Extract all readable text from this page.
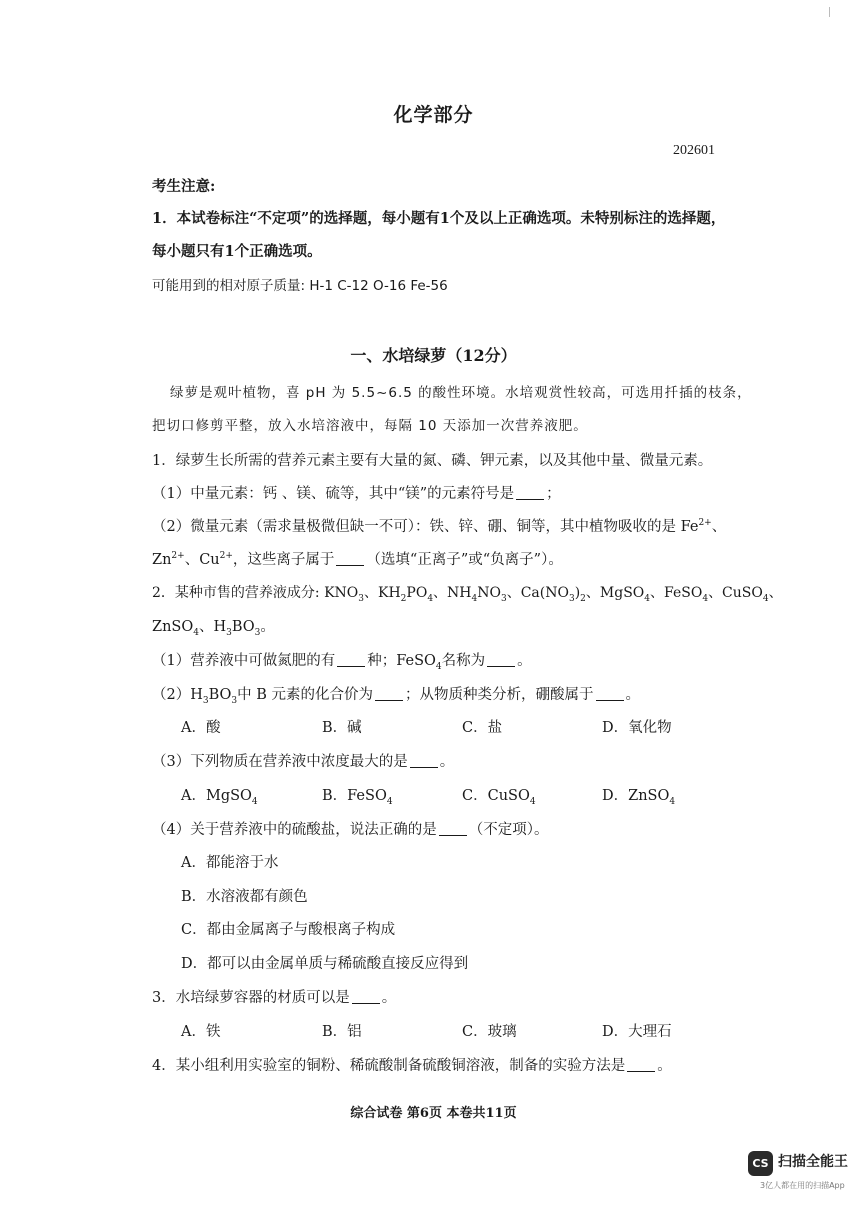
化学部分
202601
考生注意:
1．本试卷标注“不定项”的选择题，每小题有1个及以上正确选项。未特别标注的选择题，
每小题只有1个正确选项。
可能用到的相对原子质量: H-1 C-12 O-16 Fe-56
一、水培绿萝（12分）
绿萝是观叶植物，喜 pH 为 5.5~6.5 的酸性环境。水培观赏性较高，可选用扦插的枝条，
把切口修剪平整，放入水培溶液中，每隔 10 天添加一次营养液肥。
1．绿萝生长所需的营养元素主要有大量的氮、磷、钾元素，以及其他中量、微量元素。
（1）中量元素：钙 、镁、硫等，其中“镁”的元素符号是 ；
（2）微量元素（需求量极微但缺一不可）：铁、锌、硼、铜等，其中植物吸收的是 $Fe^{2+}$、
$Zn^{2+}$、$Cu^{2+}$，这些离子属于 （选填“正离子”或“负离子”）。
2．某种市售的营养液成分: $KNO_3$、$KH_2PO_4$、$NH_4NO_3$、$Ca(NO_3)_2$、MgSO$_4$、FeSO$_4$、CuSO$_4$、
ZnSO$_4$、$H_3BO_3$。
（1）营养液中可做氮肥的有 种；FeSO$_4$名称为 。
$(2)H_3BO_3$中 B 元素的化合价为 ；从物质种类分析，硼酸属于 。
A．酸	B．碱	C．盐	D．氧化物
（3）下列物质在营养液中浓度最大的是 。
A．MgSO$_4$	B．FeSO$_4$	C．CuSO$_4$	D．ZnSO$_4$
（4）关于营养液中的硫酸盐，说法正确的是 （不定项）。
A．都能溶于水
B．水溶液都有颜色
C．都由金属离子与酸根离子构成
D．都可以由金属单质与稀硫酸直接反应得到
3．水培绿萝容器的材质可以是 。
A．铁	B．铝	C．玻璃	D．大理石
4．某小组利用实验室的铜粉、稀硫酸制备硫酸铜溶液，制备的实验方法是 。
综合试卷 第6页 本卷共11页
CS 扫描全能王
3亿人都在用的扫描App
